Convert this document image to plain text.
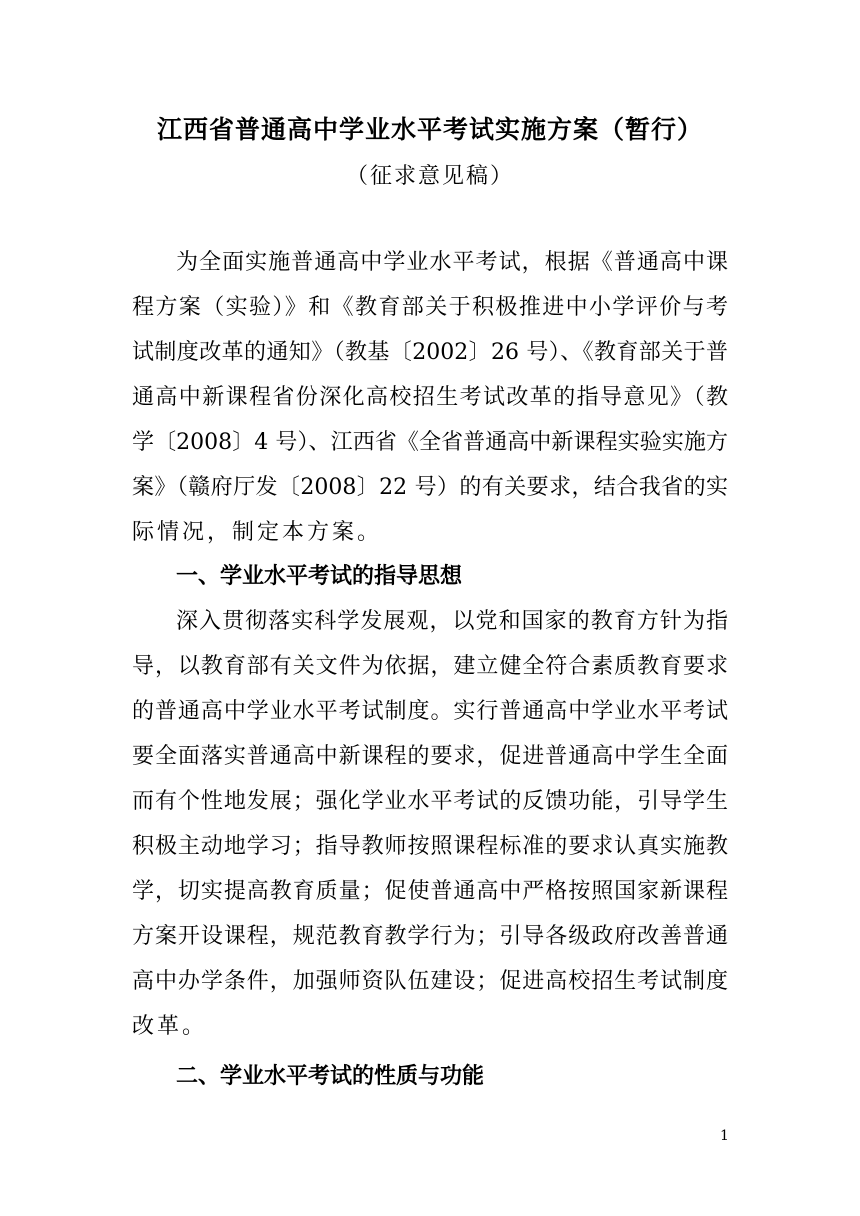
江西省普通高中学业水平考试实施方案（暂行）
（征求意见稿）
为全面实施普通高中学业水平考试，根据《普通高中课
程方案（实验）》和《教育部关于积极推进中小学评价与考
试制度改革的通知》（教基〔2002〕26 号）、《教育部关于普
通高中新课程省份深化高校招生考试改革的指导意见》（教
学〔2008〕4 号）、江西省《全省普通高中新课程实验实施方
案》（赣府厅发〔2008〕22 号）的有关要求，结合我省的实
际情况，制定本方案。
一、学业水平考试的指导思想
深入贯彻落实科学发展观，以党和国家的教育方针为指
导，以教育部有关文件为依据，建立健全符合素质教育要求
的普通高中学业水平考试制度。实行普通高中学业水平考试
要全面落实普通高中新课程的要求，促进普通高中学生全面
而有个性地发展；强化学业水平考试的反馈功能，引导学生
积极主动地学习；指导教师按照课程标准的要求认真实施教
学，切实提高教育质量；促使普通高中严格按照国家新课程
方案开设课程，规范教育教学行为；引导各级政府改善普通
高中办学条件，加强师资队伍建设；促进高校招生考试制度
改革。
二、学业水平考试的性质与功能
1
